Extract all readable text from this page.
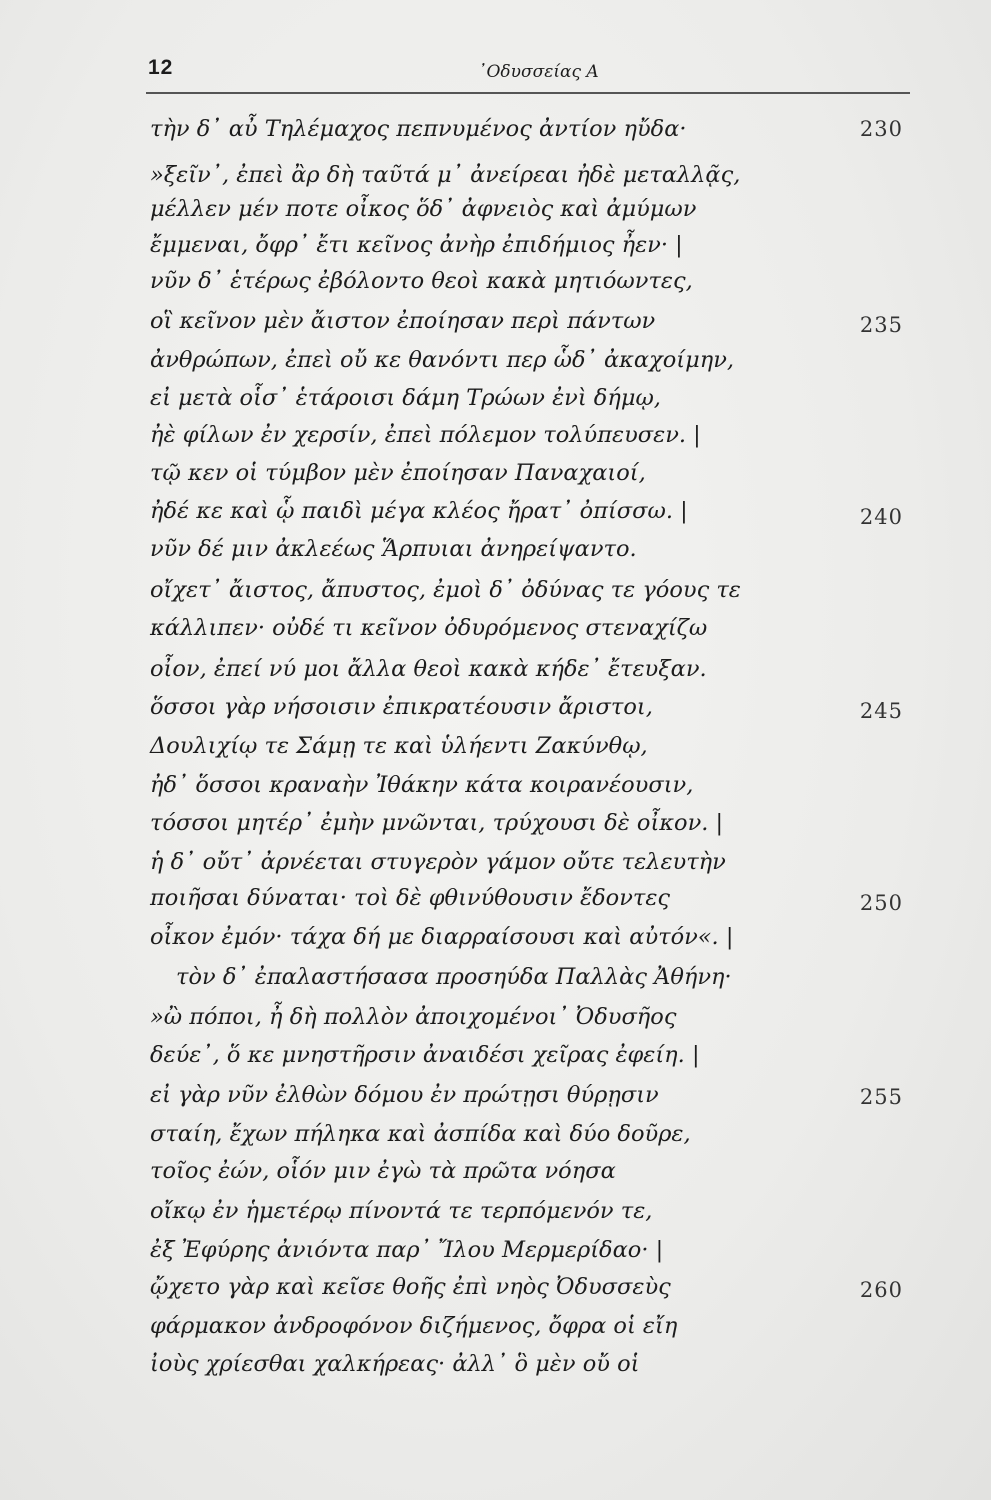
12	᾿Οδυσσείας Α
τὴν δ᾿ αὖ Τηλέμαχος πεπνυμένος ἀντίον ηὔδα·
»ξεῖν᾿, ἐπεὶ ἂρ δὴ ταῦτά μ᾿ ἀνείρεαι ἠδὲ μεταλλᾷς,
μέλλεν μέν ποτε οἶκος ὅδ᾿ ἀφνειὸς καὶ ἀμύμων
ἔμμεναι, ὄφρ᾿ ἔτι κεῖνος ἀνὴρ ἐπιδήμιος ἦεν· |
νῦν δ᾿ ἑτέρως ἐβόλοντο θεοὶ κακὰ μητιόωντες,
οἳ κεῖνον μὲν ἄιστον ἐποίησαν περὶ πάντων
ἀνθρώπων, ἐπεὶ οὔ κε θανόντι περ ὧδ᾿ ἀκαχοίμην,
εἰ μετὰ οἷσ᾿ ἑτάροισι δάμη Τρώων ἐνὶ δήμῳ,
ἠὲ φίλων ἐν χερσίν, ἐπεὶ πόλεμον τολύπευσεν. |
τῷ κεν οἱ τύμβον μὲν ἐποίησαν Παναχαιοί,
ἠδέ κε καὶ ᾧ παιδὶ μέγα κλέος ἤρατ᾿ ὀπίσσω. |
νῦν δέ μιν ἀκλεέως Ἅρπυιαι ἀνηρείψαντο.
οἴχετ᾿ ἄιστος, ἄπυστος, ἐμοὶ δ᾿ ὀδύνας τε γόους τε
κάλλιπεν· οὐδέ τι κεῖνον ὀδυρόμενος στεναχίζω
οἶον, ἐπεί νύ μοι ἄλλα θεοὶ κακὰ κήδε᾿ ἔτευξαν.
ὅσσοι γὰρ νήσοισιν ἐπικρατέουσιν ἄριστοι,
Δουλιχίῳ τε Σάμῃ τε καὶ ὑλήεντι Ζακύνθῳ,
ἠδ᾿ ὅσσοι κραναὴν Ἰθάκην κάτα κοιρανέουσιν,
τόσσοι μητέρ᾿ ἐμὴν μνῶνται, τρύχουσι δὲ οἶκον. |
ἡ δ᾿ οὔτ᾿ ἀρνέεται στυγερὸν γάμον οὔτε τελευτὴν
ποιῆσαι δύναται· τοὶ δὲ φθινύθουσιν ἔδοντες
οἶκον ἐμόν· τάχα δή με διαρραίσουσι καὶ αὐτόν«. |
τὸν δ᾿ ἐπαλαστήσασα προσηύδα Παλλὰς Ἀθήνη·
»ὢ πόποι, ἦ δὴ πολλὸν ἀποιχομένοι᾿ Ὀδυσῆος
δεύε᾿, ὅ κε μνηστῆρσιν ἀναιδέσι χεῖρας ἐφείη. |
εἰ γὰρ νῦν ἐλθὼν δόμου ἐν πρώτῃσι θύρῃσιν
σταίη, ἔχων πήληκα καὶ ἀσπίδα καὶ δύο δοῦρε,
τοῖος ἐών, οἷόν μιν ἐγὼ τὰ πρῶτα νόησα
οἴκῳ ἐν ἡμετέρῳ πίνοντά τε τερπόμενόν τε,
ἐξ Ἐφύρης ἀνιόντα παρ᾿ Ἴλου Μερμερίδαο· |
ᾤχετο γὰρ καὶ κεῖσε θοῆς ἐπὶ νηὸς Ὀδυσσεὺς
φάρμακον ἀνδροφόνον διζήμενος, ὄφρα οἱ εἴη
ἰοὺς χρίεσθαι χαλκήρεας· ἀλλ᾿ ὃ μὲν οὔ οἱ
230
235
240
245
250
255
260
